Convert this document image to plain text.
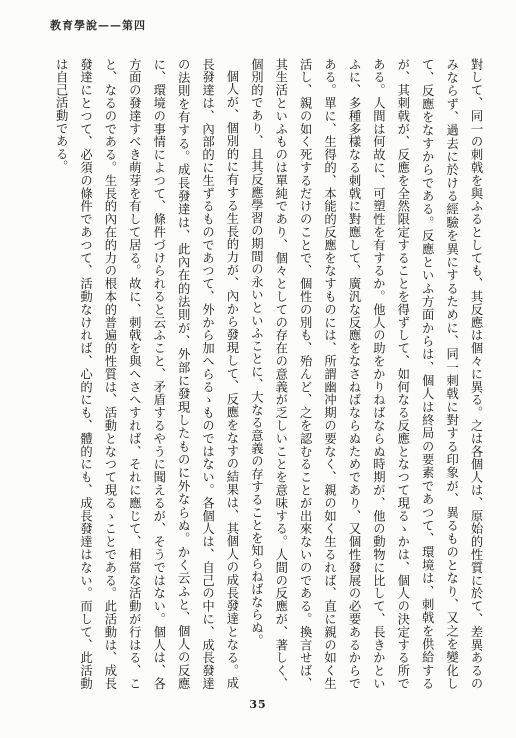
教育學說——第四

對して、同一の刺戟を與ふるとしても、其反應は個々に異る。之は各個人は、原始的性質に於て、差異あるのみならず、過去に於ける經驗を異にするために、同一刺戟に對する印象が、異るものとなり、又之を變化して、反應をなすからである。反應といふ方面からは、個人は終局の要素であつて、環境は、刺戟を供給するが、其刺戟が、反應を全然限定することを得ずして、如何なる反應となつて現るゝかは、個人の決定する所である。人間は何故に、可塑性を有するか。他人の助をかりねばならぬ時期が、他の動物に比して、長きかといふに、多種多樣なる刺戟に對應して、廣汎な反應をなさねばならぬためであり、又個性發展の必要あるからである。單に、生得的、本能的反應をなすものには、所謂幽冲期の要なく、親の如く生るれば、直に親の如く生活し、親の如く死するだけのことで、個性の別も、殆んど、之を認むることが出來ないのである。換言せば、其生活といふものは單純であり、個々としての存在の意義が乏しいことを意味する。人間の反應が、著しく、個別的であり、且其反應學習の期間の永いといふことに、大なる意義の存することを知らねばならぬ。

個人が、個別的に有する生長的力が、內から發現して、反應をなすの結果は、其個人の成長發達となる。成長發達は、內部的に生ずるものであつて、外から加へらるゝものではない。各個人は、自己の中に、成長發達の法則を有する。成長發達は、此內在的法則が、外部に發現したものに外ならぬ。かく云ふと、個人の反應に、環境の事情によつて、條件づけられると云ふこと、矛盾するやうに聞えるが、そうではない。個人は、各方面の發達すべき萌芽を有して居る。故に、刺戟を與へさへすれば、それに應じて、相當な活動が行はる、こと、なるのである。生長的內在的力の根本的普遍的性質は、活動となつて現るゝことである。此活動は、成長發達にとつて、必須の條件であつて、活動なければ、心的にも、體的にも、成長發達はない。而して、此活動は自己活動である。

35
